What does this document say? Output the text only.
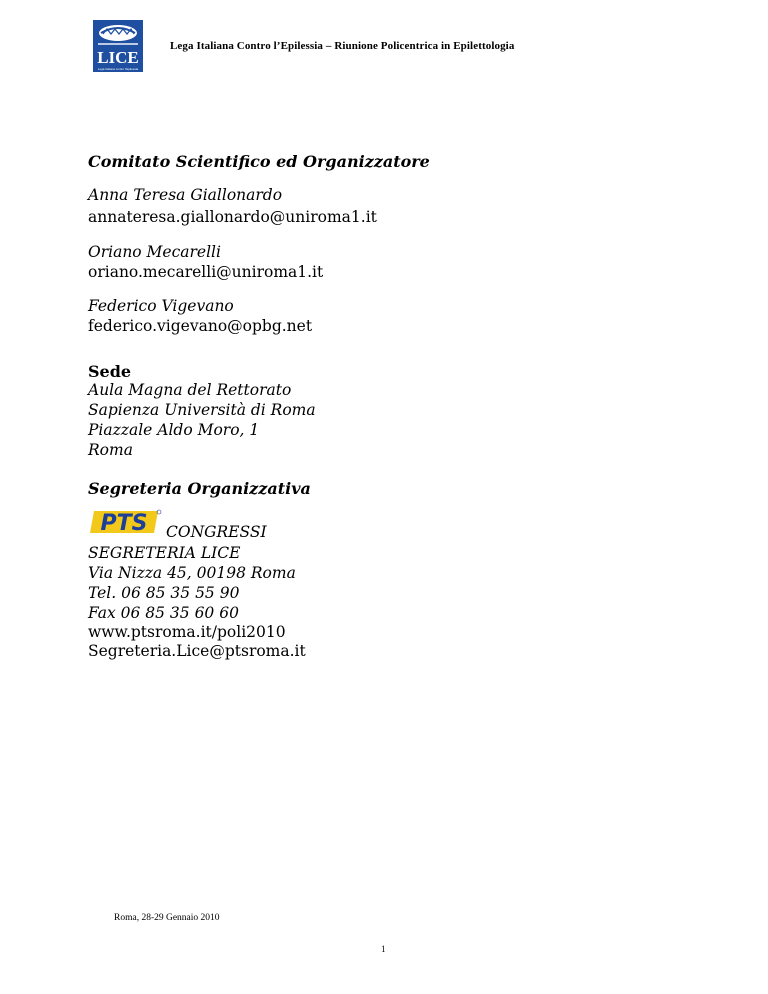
LICE
Lega Italiana contro l'Epilessia
Lega Italiana Contro l’Epilessia – Riunione Policentrica in Epilettologia
Comitato Scientifico ed Organizzatore
Anna Teresa Giallonardo
annateresa.giallonardo@uniroma1.it
Oriano Mecarelli
oriano.mecarelli@uniroma1.it
Federico Vigevano
federico.vigevano@opbg.net
Sede
Aula Magna del Rettorato
Sapienza Università di Roma
Piazzale Aldo Moro, 1
Roma
Segreteria Organizzativa
PTS CONGRESSI
SEGRETERIA LICE
Via Nizza 45, 00198 Roma
Tel. 06 85 35 55 90
Fax 06 85 35 60 60
www.ptsroma.it/poli2010
Segreteria.Lice@ptsroma.it
Roma, 28-29 Gennaio 2010
1
